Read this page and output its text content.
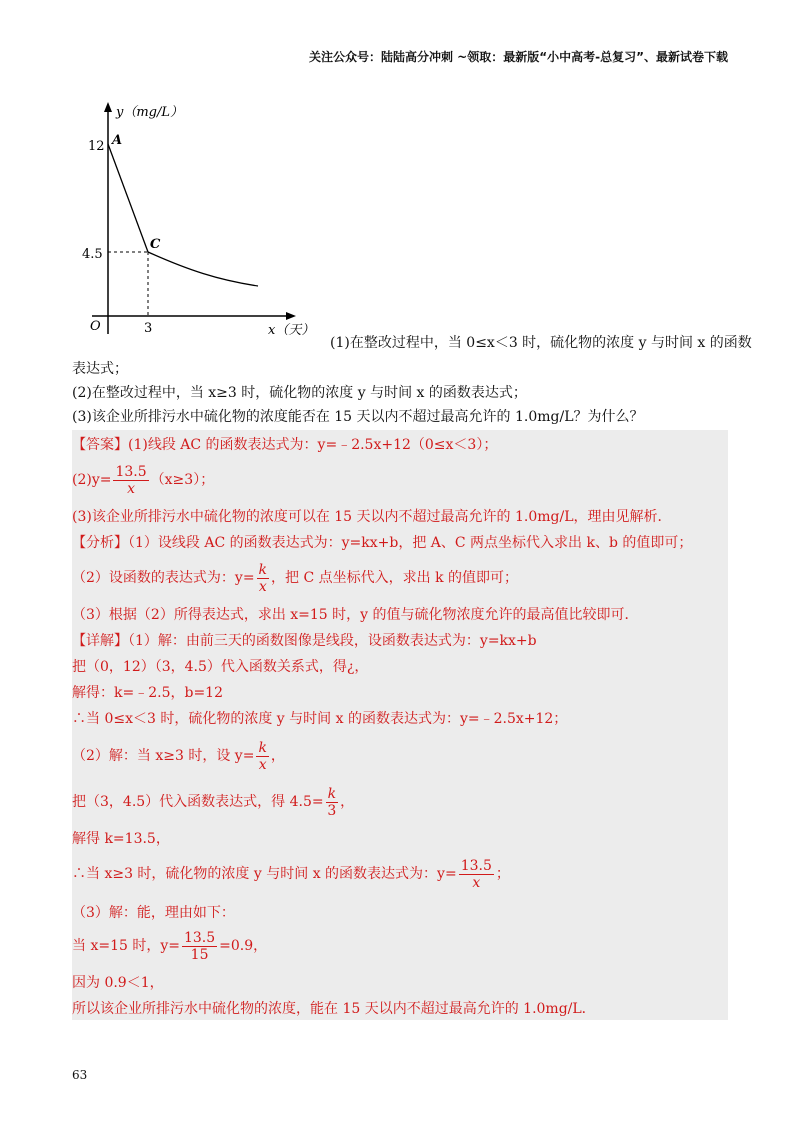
关注公众号：陆陆高分冲刺 ~领取：最新版“小中高考-总复习”、最新试卷下载
y（mg/L）
A
12
C
4.5
O	3	x（天）
(1)在整改过程中，当 0≤x＜3 时，硫化物的浓度 y 与时间 x 的函数
表达式；
(2)在整改过程中，当 x≥3 时，硫化物的浓度 y 与时间 x 的函数表达式；
(3)该企业所排污水中硫化物的浓度能否在 15 天以内不超过最高允许的 1.0mg/L？为什么？
【答案】(1)线段 AC 的函数表达式为：y=﹣2.5x+12（0≤x＜3）；
$(2)y= \frac{13.5}{x} (x\ge 3)$；
(3)该企业所排污水中硫化物的浓度可以在 15 天以内不超过最高允许的 1.0mg/L，理由见解析．
【分析】（1）设线段 AC 的函数表达式为：y=kx+b，把 A、C 两点坐标代入求出 k、b 的值即可；
（2）设函数的表达式为：$y= \frac{k}{x}$ ，把 C 点坐标代入，求出 k 的值即可；
（3）根据（2）所得表达式，求出 x=15 时，y 的值与硫化物浓度允许的最高值比较即可．
【详解】（1）解：由前三天的函数图像是线段，设函数表达式为：y=kx+b
把（0，12）（3，4.5）代入函数关系式，得¿，
解得：k=﹣2.5，b=12
∴当 0≤x＜3 时，硫化物的浓度 y 与时间 x 的函数表达式为：y=﹣2.5x+12；
（2）解：当 x≥3 时，设 $y= \frac{k}{x}$ ，
把（3，4.5）代入函数表达式，得 $4.5= \frac{k}{3}$ ，
解得 k=13.5，
∴当 x≥3 时，硫化物的浓度 y 与时间 x 的函数表达式为：$y= \frac{13.5}{x}$ ；
（3）解：能，理由如下：
当 x=15 时，$y= \frac{13.5}{15} =0.9$，
因为 0.9＜1，
所以该企业所排污水中硫化物的浓度，能在 15 天以内不超过最高允许的 1.0mg/L．
63
